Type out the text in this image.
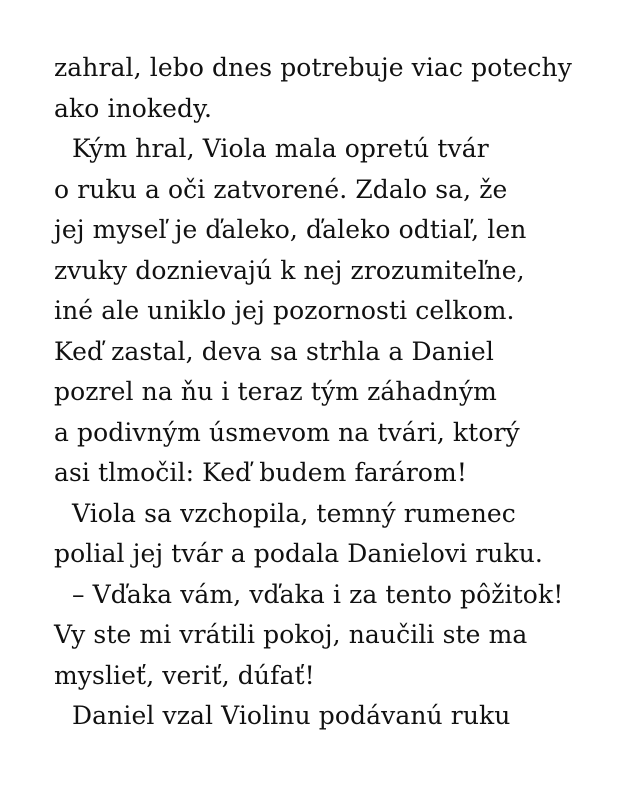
zahral, lebo dnes potrebuje viac potechy
ako inokedy.
Kým hral, Viola mala opretú tvár
o ruku a oči zatvorené. Zdalo sa, že
jej myseľ je ďaleko, ďaleko odtiaľ, len
zvuky doznievajú k nej zrozumiteľne,
iné ale uniklo jej pozornosti celkom.
Keď zastal, deva sa strhla a Daniel
pozrel na ňu i teraz tým záhadným
a podivným úsmevom na tvári, ktorý
asi tlmočil: Keď budem farárom!
Viola sa vzchopila, temný rumenec
polial jej tvár a podala Danielovi ruku.
– Vďaka vám, vďaka i za tento pôžitok!
Vy ste mi vrátili pokoj, naučili ste ma
myslieť, veriť, dúfať!
Daniel vzal Violinu podávanú ruku
